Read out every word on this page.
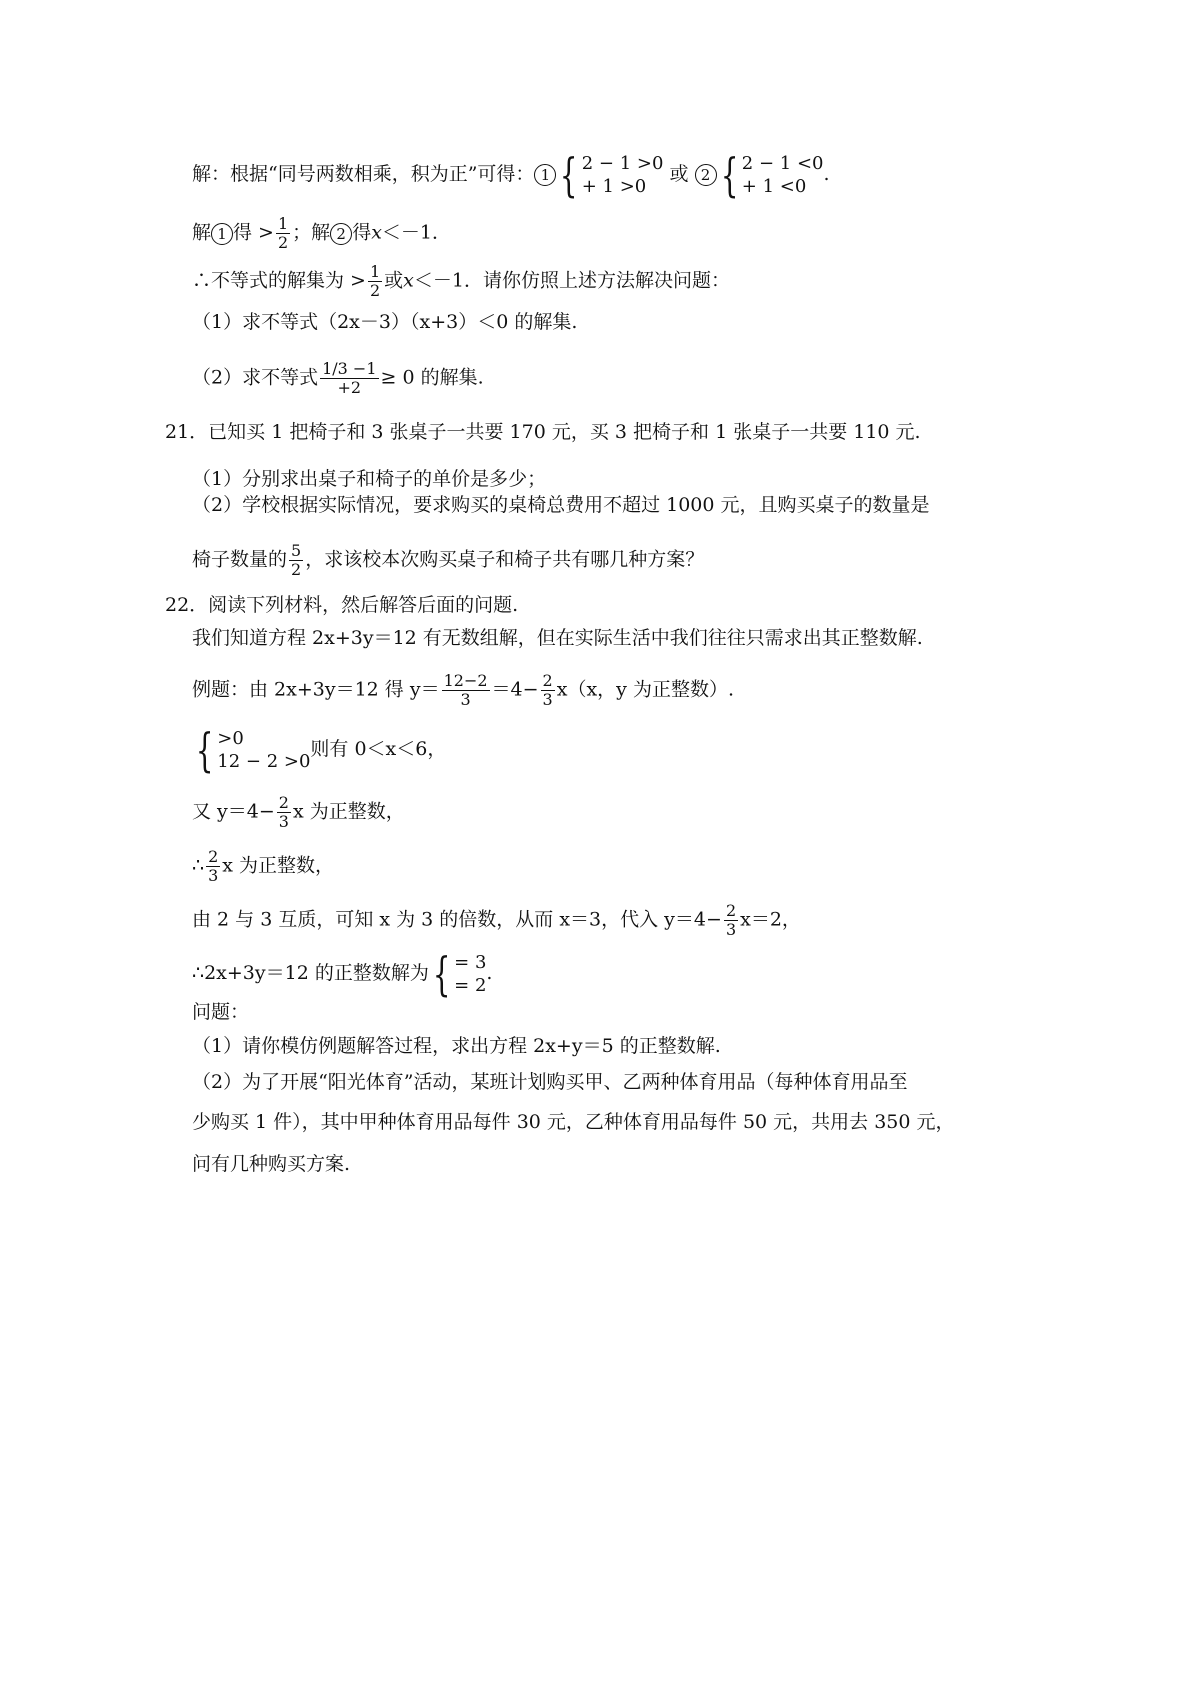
解：根据“同号两数相乘，积为正”可得： 1 { 2 − 1 >0
+ 1 >0
或 2 { 2 − 1 <0
+ 1 <0
.
解 1 得 > $\frac{1}{2}$ ；解 2 得x＜－1．
∴不等式的解集为 > $\frac{1}{2}$ 或x＜－1．请你仿照上述方法解决问题：
（1）求不等式（2x－3）（x+3）＜0 的解集.
（2）求不等式 $\frac{1/3 -1}{+2} \ge 0$ 的解集.
21．已知买 1 把椅子和 3 张桌子一共要 170 元，买 3 把椅子和 1 张桌子一共要 110 元.
（1）分别求出桌子和椅子的单价是多少；
（2）学校根据实际情况，要求购买的桌椅总费用不超过 1000 元，且购买桌子的数量是
椅子数量的 $\frac{5}{2}$ ，求该校本次购买桌子和椅子共有哪几种方案？
22．阅读下列材料，然后解答后面的问题.
我们知道方程 2x+3y＝12 有无数组解，但在实际生活中我们往往只需求出其正整数解.
例题：由 2x+3y＝12 得 $y= \frac{12-2}{3} =4- \frac{2}{3} x(x$，y 为正整数）.
{ >0
12 − 2 >0
则有 0＜x＜6，
又 $y=4- \frac{2}{3}$ x 为正整数，
∴ $\frac{2}{3}$ x 为正整数，
由 2 与 3 互质，可知 x 为 3 的倍数，从而 x＝3，代入 $y=4- \frac{2}{3} x=2$，
∴2x+3y＝12 的正整数解为{ = 3
= 2
.
问题：
（1）请你模仿例题解答过程，求出方程 2x+y＝5 的正整数解.
（2）为了开展“阳光体育”活动，某班计划购买甲、乙两种体育用品（每种体育用品至
少购买 1 件），其中甲种体育用品每件 30 元，乙种体育用品每件 50 元，共用去 350 元，
问有几种购买方案.
